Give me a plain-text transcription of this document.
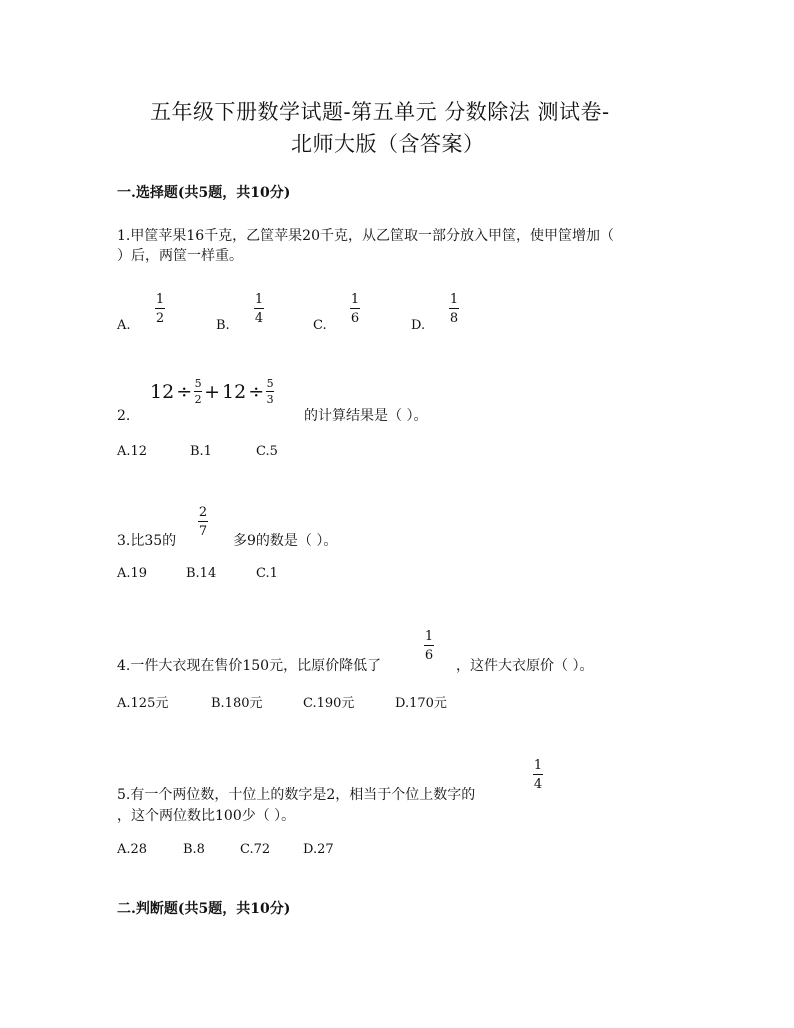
五年级下册数学试题-第五单元 分数除法 测试卷-
北师大版（含答案）
一.选择题(共5题，共10分)
1.甲筐苹果16千克，乙筐苹果20千克，从乙筐取一部分放入甲筐，使甲筐增加（
）后，两筐一样重。
A.
1
2	B.
1
4	C.
1
6	D.
1
8
2.
$12 \div \frac{5}{2} + 12 \div \frac{5}{3}$
的计算结果是（ ）。
A.12	B.1	C.5
3.比35的
2
7
多9的数是（ ）。
A.19	B.14	C.1
4.一件大衣现在售价150元，比原价降低了
1
6
，这件大衣原价（ ）。
A.125元	B.180元	C.190元	D.170元
5.有一个两位数，十位上的数字是2，相当于个位上数字的
1
4
，这个两位数比100少（ ）。
A.28	B.8	C.72	D.27
二.判断题(共5题，共10分)
